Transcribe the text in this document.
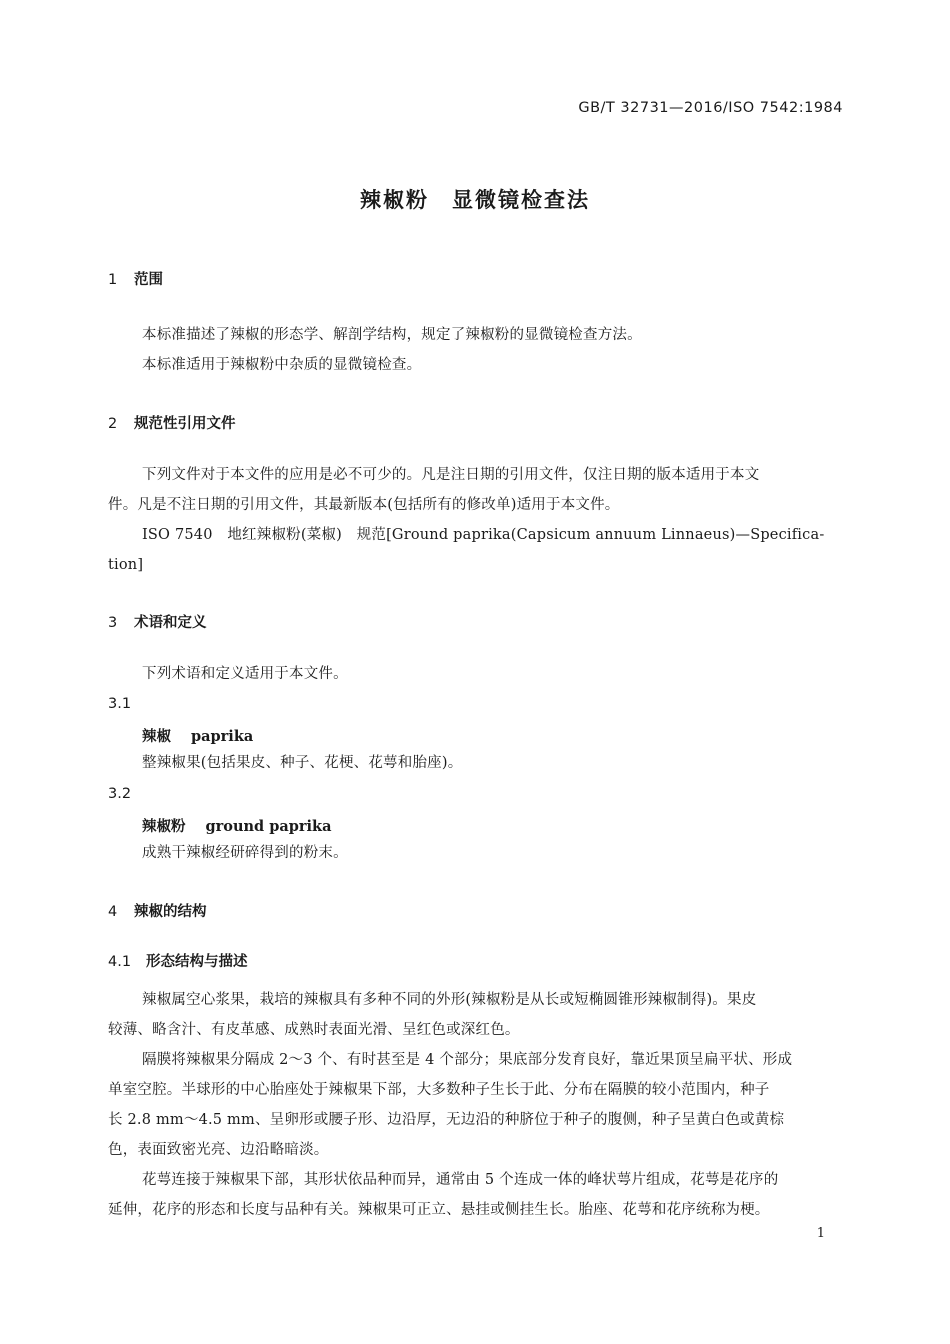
GB/T 32731—2016/ISO 7542:1984
辣椒粉　显微镜检查法
1 范围
本标准描述了辣椒的形态学、解剖学结构，规定了辣椒粉的显微镜检查方法。
本标准适用于辣椒粉中杂质的显微镜检查。
2 规范性引用文件
下列文件对于本文件的应用是必不可少的。凡是注日期的引用文件，仅注日期的版本适用于本文
件。凡是不注日期的引用文件，其最新版本(包括所有的修改单)适用于本文件。
ISO 7540　地红辣椒粉(菜椒)　规范[Ground paprika(Capsicum annuum Linnaeus)—Specifica-
tion]
3 术语和定义
下列术语和定义适用于本文件。
3.1
辣椒 paprika
整辣椒果(包括果皮、种子、花梗、花萼和胎座)。
3.2
辣椒粉 ground paprika
成熟干辣椒经研碎得到的粉末。
4 辣椒的结构
4.1 形态结构与描述
辣椒属空心浆果，栽培的辣椒具有多种不同的外形(辣椒粉是从长或短椭圆锥形辣椒制得)。果皮
较薄、略含汁、有皮革感、成熟时表面光滑、呈红色或深红色。
隔膜将辣椒果分隔成 2～3 个、有时甚至是 4 个部分；果底部分发育良好，靠近果顶呈扁平状、形成
单室空腔。半球形的中心胎座处于辣椒果下部，大多数种子生长于此、分布在隔膜的较小范围内，种子
长 2.8 mm～4.5 mm、呈卵形或腰子形、边沿厚，无边沿的种脐位于种子的腹侧，种子呈黄白色或黄棕
色，表面致密光亮、边沿略暗淡。
花萼连接于辣椒果下部，其形状依品种而异，通常由 5 个连成一体的峰状萼片组成，花萼是花序的
延伸，花序的形态和长度与品种有关。辣椒果可正立、悬挂或侧挂生长。胎座、花萼和花序统称为梗。
1
